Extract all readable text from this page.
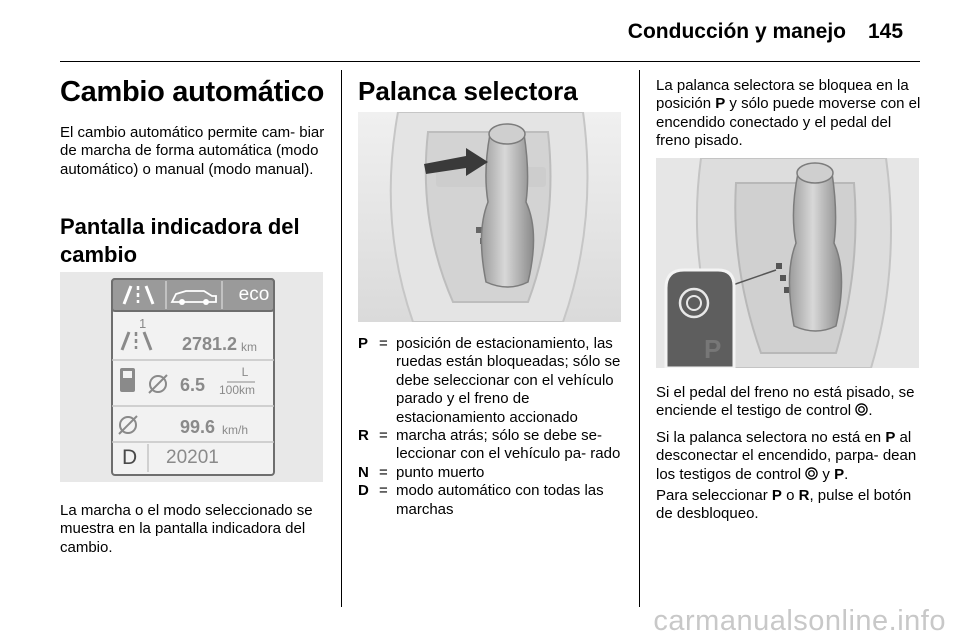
Conducción y manejo 145
Cambio automático
El cambio automático permite cam- biar de marcha de forma automática (modo automático) o manual (modo manual).
Pantalla indicadora del cambio
eco
1
2781.2 km
6.5
L
100km
99.6 km/h
D 20201
La marcha o el modo seleccionado se muestra en la pantalla indicadora del cambio.
Palanca selectora
P = posición de estacionamiento, las ruedas están bloqueadas; sólo se debe seleccionar con el vehículo parado y el freno de estacionamiento accionado
R = marcha atrás; sólo se debe se- leccionar con el vehículo pa- rado
N = punto muerto
D = modo automático con todas las marchas
La palanca selectora se bloquea en la posición P y sólo puede moverse con el encendido conectado y el pedal del freno pisado.
P
Si el pedal del freno no está pisado, se enciende el testigo de control .
Si la palanca selectora no está en P al desconectar el encendido, parpa- dean los testigos de control y P.
Para seleccionar P o R, pulse el botón de desbloqueo.
carmanualsonline.info
